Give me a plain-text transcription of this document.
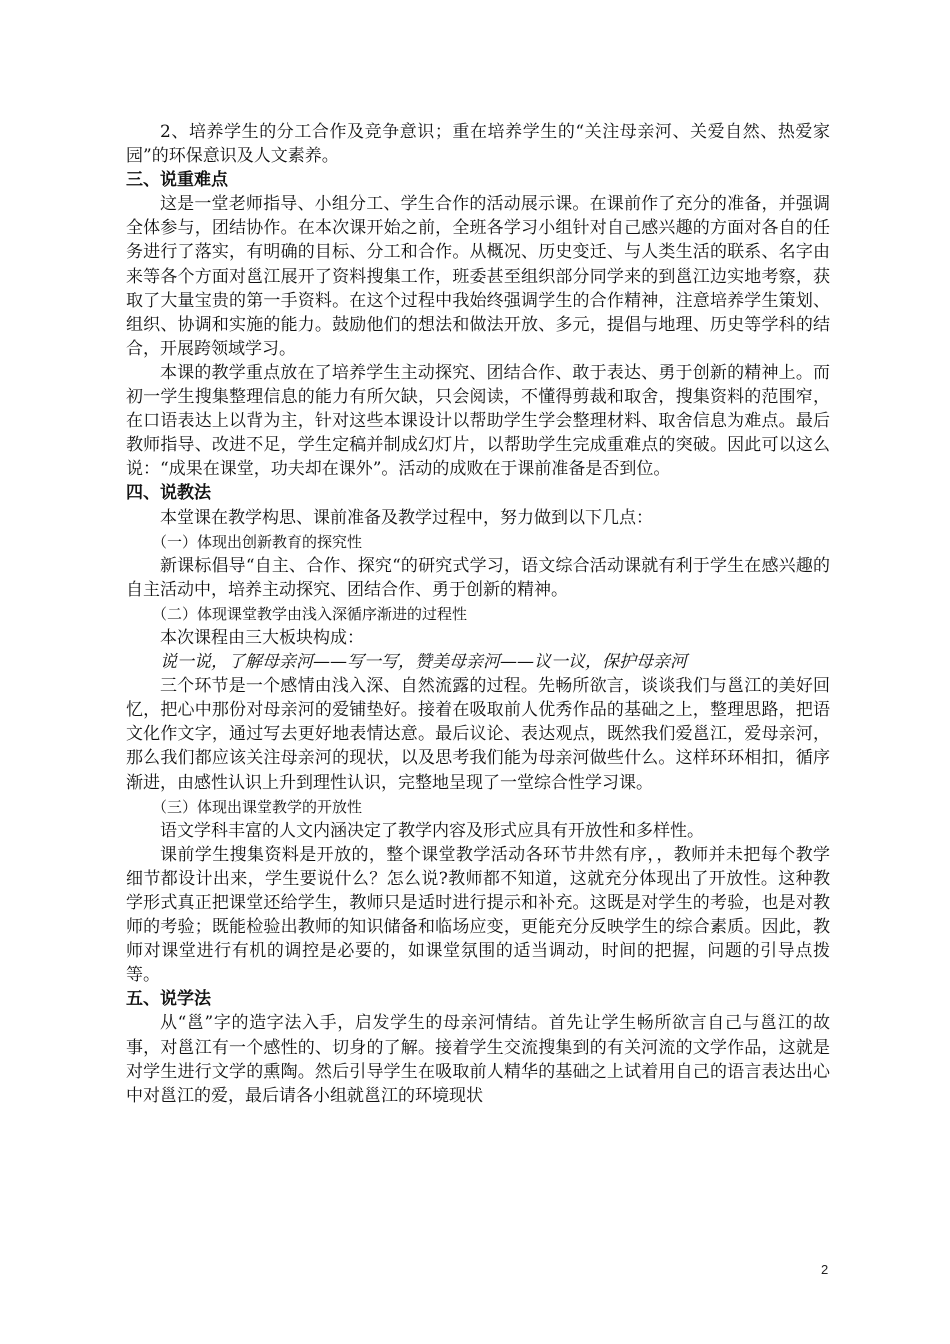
2、培养学生的分工合作及竞争意识；重在培养学生的“关注母亲河、关爱自然、热爱家园”的环保意识及人文素养。

三、说重难点

这是一堂老师指导、小组分工、学生合作的活动展示课。在课前作了充分的准备，并强调全体参与，团结协作。在本次课开始之前，全班各学习小组针对自己感兴趣的方面对各自的任务进行了落实，有明确的目标、分工和合作。从概况、历史变迁、与人类生活的联系、名字由来等各个方面对邕江展开了资料搜集工作，班委甚至组织部分同学来的到邕江边实地考察，获取了大量宝贵的第一手资料。在这个过程中我始终强调学生的合作精神，注意培养学生策划、组织、协调和实施的能力。鼓励他们的想法和做法开放、多元，提倡与地理、历史等学科的结合，开展跨领域学习。

本课的教学重点放在了培养学生主动探究、团结合作、敢于表达、勇于创新的精神上。而初一学生搜集整理信息的能力有所欠缺，只会阅读，不懂得剪裁和取舍，搜集资料的范围窄，在口语表达上以背为主，针对这些本课设计以帮助学生学会整理材料、取舍信息为难点。最后教师指导、改进不足，学生定稿并制成幻灯片，以帮助学生完成重难点的突破。因此可以这么说：“成果在课堂，功夫却在课外”。活动的成败在于课前准备是否到位。

四、说教法

本堂课在教学构思、课前准备及教学过程中，努力做到以下几点：

（一）体现出创新教育的探究性

新课标倡导“自主、合作、探究“的研究式学习，语文综合活动课就有利于学生在感兴趣的自主活动中，培养主动探究、团结合作、勇于创新的精神。

（二）体现课堂教学由浅入深循序渐进的过程性

本次课程由三大板块构成：

说一说，了解母亲河——写一写，赞美母亲河——议一议，保护母亲河

三个环节是一个感情由浅入深、自然流露的过程。先畅所欲言，谈谈我们与邕江的美好回忆，把心中那份对母亲河的爱铺垫好。接着在吸取前人优秀作品的基础之上，整理思路，把语文化作文字，通过写去更好地表情达意。最后议论、表达观点，既然我们爱邕江，爱母亲河，那么我们都应该关注母亲河的现状，以及思考我们能为母亲河做些什么。这样环环相扣，循序渐进，由感性认识上升到理性认识，完整地呈现了一堂综合性学习课。

（三）体现出课堂教学的开放性

语文学科丰富的人文内涵决定了教学内容及形式应具有开放性和多样性。

课前学生搜集资料是开放的，整个课堂教学活动各环节井然有序，，教师并未把每个教学细节都设计出来，学生要说什么？怎么说?教师都不知道，这就充分体现出了开放性。这种教学形式真正把课堂还给学生，教师只是适时进行提示和补充。这既是对学生的考验，也是对教师的考验；既能检验出教师的知识储备和临场应变，更能充分反映学生的综合素质。因此，教师对课堂进行有机的调控是必要的，如课堂氛围的适当调动，时间的把握，问题的引导点拨等。

五、说学法

从“邕”字的造字法入手，启发学生的母亲河情结。首先让学生畅所欲言自己与邕江的故事，对邕江有一个感性的、切身的了解。接着学生交流搜集到的有关河流的文学作品，这就是对学生进行文学的熏陶。然后引导学生在吸取前人精华的基础之上试着用自己的语言表达出心中对邕江的爱，最后请各小组就邕江的环境现状

2
